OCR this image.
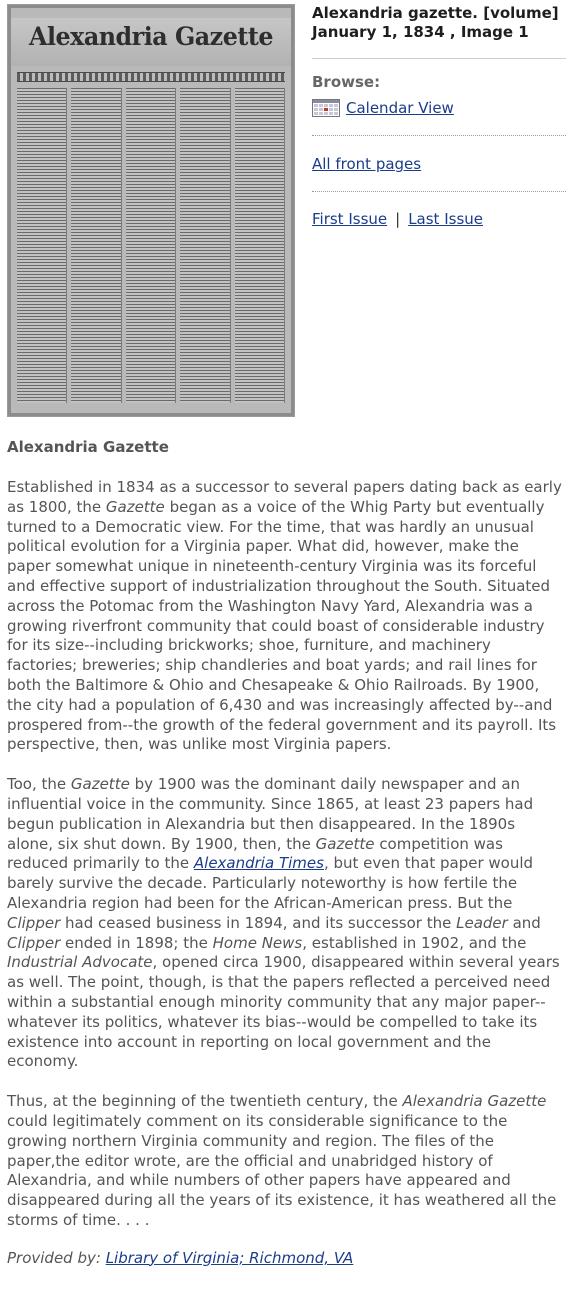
Alexandria Gazette
Alexandria gazette. [volume] January 1, 1834 , Image 1
Browse:
Calendar View
All front pages
First Issue | Last Issue
Alexandria Gazette

Established in 1834 as a successor to several papers dating back as early as 1800, the Gazette began as a voice of the Whig Party but eventually turned to a Democratic view. For the time, that was hardly an unusual political evolution for a Virginia paper. What did, however, make the paper somewhat unique in nineteenth-century Virginia was its forceful and effective support of industrialization throughout the South. Situated across the Potomac from the Washington Navy Yard, Alexandria was a growing riverfront community that could boast of considerable industry for its size--including brickworks; shoe, furniture, and machinery factories; breweries; ship chandleries and boat yards; and rail lines for both the Baltimore & Ohio and Chesapeake & Ohio Railroads. By 1900, the city had a population of 6,430 and was increasingly affected by--and prospered from--the growth of the federal government and its payroll. Its perspective, then, was unlike most Virginia papers.

Too, the Gazette by 1900 was the dominant daily newspaper and an influential voice in the community. Since 1865, at least 23 papers had begun publication in Alexandria but then disappeared. In the 1890s alone, six shut down. By 1900, then, the Gazette competition was reduced primarily to the Alexandria Times, but even that paper would barely survive the decade. Particularly noteworthy is how fertile the Alexandria region had been for the African-American press. But the Clipper had ceased business in 1894, and its successor the Leader and Clipper ended in 1898; the Home News, established in 1902, and the Industrial Advocate, opened circa 1900, disappeared within several years as well. The point, though, is that the papers reflected a perceived need within a substantial enough minority community that any major paper--whatever its politics, whatever its bias--would be compelled to take its existence into account in reporting on local government and the economy.

Thus, at the beginning of the twentieth century, the Alexandria Gazette could legitimately comment on its considerable significance to the growing northern Virginia community and region. The files of the paper,the editor wrote, are the official and unabridged history of Alexandria, and while numbers of other papers have appeared and disappeared during all the years of its existence, it has weathered all the storms of time. . . .

Provided by: Library of Virginia; Richmond, VA
